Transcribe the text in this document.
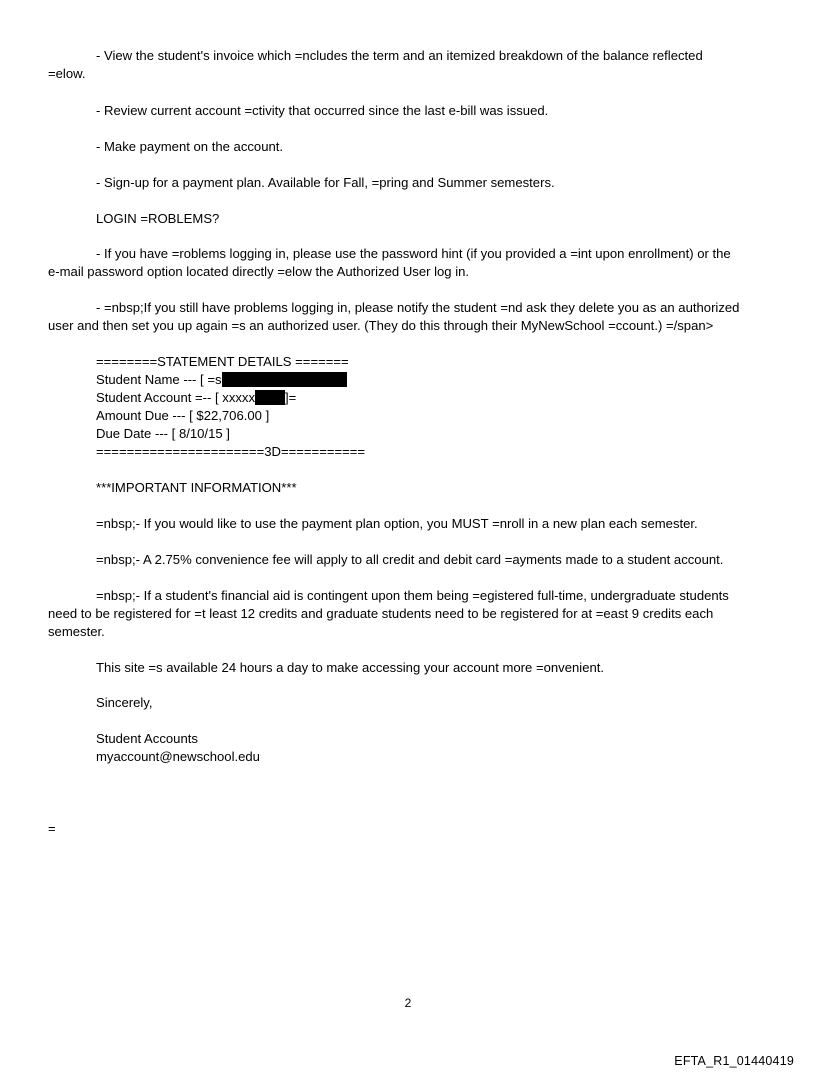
- View the student's invoice which =ncludes the term and an itemized breakdown of the balance reflected
=elow.
- Review current account =ctivity that occurred since the last e-bill was issued.
- Make payment on the account.
- Sign-up for a payment plan. Available for Fall, =pring and Summer semesters.
LOGIN =ROBLEMS?
- If you have =roblems logging in, please use the password hint (if you provided a =int upon enrollment) or the
e-mail password option located directly =elow the Authorized User log in.
- =nbsp;If you still have problems logging in, please notify the student =nd ask they delete you as an authorized
user and then set you up again =s an authorized user. (They do this through their MyNewSchool =ccount.) =/span>
========STATEMENT DETAILS =======
Student Name --- [ =s
Student Account =-- [ xxxxx ]=
Amount Due --- [ $22,706.00 ]
Due Date --- [ 8/10/15 ]
======================3D===========
***IMPORTANT INFORMATION***
=nbsp;- If you would like to use the payment plan option, you MUST =nroll in a new plan each semester.
=nbsp;- A 2.75% convenience fee will apply to all credit and debit card =ayments made to a student account.
=nbsp;- If a student's financial aid is contingent upon them being =egistered full-time, undergraduate students
need to be registered for =t least 12 credits and graduate students need to be registered for at =east 9 credits each
semester.
This site =s available 24 hours a day to make accessing your account more =onvenient.
Sincerely,
Student Accounts
myaccount@newschool.edu
=
2
EFTA_R1_01440419
